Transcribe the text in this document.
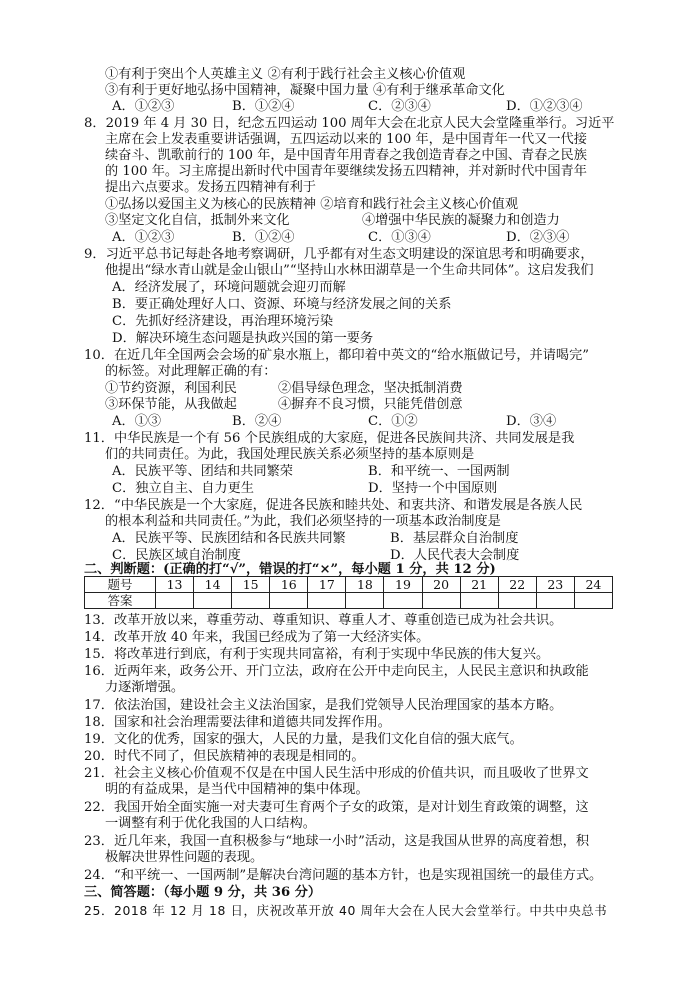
①有利于突出个人英雄主义 ②有利于践行社会主义核心价值观
③有利于更好地弘扬中国精神，凝聚中国力量 ④有利于继承革命文化
A．①②③	B．①②④	C．②③④	D．①②③④
8．2019 年 4 月 30 日，纪念五四运动 100 周年大会在北京人民大会堂隆重举行。习近平
主席在会上发表重要讲话强调，五四运动以来的 100 年，是中国青年一代又一代接
续奋斗、凯歌前行的 100 年，是中国青年用青春之我创造青春之中国、青春之民族
的 100 年。习主席提出新时代中国青年要继续发扬五四精神，并对新时代中国青年
提出六点要求。发扬五四精神有利于
①弘扬以爱国主义为核心的民族精神 ②培育和践行社会主义核心价值观
③坚定文化自信，抵制外来文化	④增强中华民族的凝聚力和创造力
A．①②③	B．①②④	C．①③④	D．②③④
9．习近平总书记每赴各地考察调研，几乎都有对生态文明建设的深谊思考和明确要求，
他提出“绿水青山就是金山银山”“坚持山水林田湖草是一个生命共同体”。这启发我们
A．经济发展了，环境问题就会迎刃而解
B．要正确处理好人口、资源、环境与经济发展之间的关系
C．先抓好经济建设，再治理环境污染
D．解决环境生态问题是执政兴国的第一要务
10．在近几年全国两会会场的矿泉水瓶上，都印着中英文的“给水瓶做记号，并请喝完”
的标签。对此理解正确的有：
①节约资源，利国利民	②倡导绿色理念，坚决抵制消费
③环保节能，从我做起	④摒弃不良习惯，只能凭借创意
A．①③	B．②④	C．①②	D．③④
11．中华民族是一个有 56 个民族组成的大家庭，促进各民族间共济、共同发展是我
们的共同责任。为此，我国处理民族关系必须坚持的基本原则是
A．民族平等、团结和共同繁荣	B．和平统一、一国两制
C．独立自主、自力更生	D．坚持一个中国原则
12．“中华民族是一个大家庭，促进各民族和睦共处、和衷共济、和谐发展是各族人民
的根本利益和共同责任。”为此，我们必须坚持的一项基本政治制度是
A．民族平等、民族团结和各民族共同繁	B．基层群众自治制度
C．民族区域自治制度	D．人民代表大会制度
二、判断题：(正确的打“√”，错误的打“×”，每小题 1 分，共 12 分)
题号	13	14	15	16	17	18	19	20	21	22	23	24
答案												
13．改革开放以来，尊重劳动、尊重知识、尊重人才、尊重创造已成为社会共识。
14．改革开放 40 年来，我国已经成为了第一大经济实体。
15．将改革进行到底，有利于实现共同富裕，有利于实现中华民族的伟大复兴。
16．近两年来，政务公开、开门立法，政府在公开中走向民主，人民民主意识和执政能
力逐渐增强。
17．依法治国，建设社会主义法治国家，是我们党领导人民治理国家的基本方略。
18．国家和社会治理需要法律和道德共同发挥作用。
19．文化的优秀，国家的强大，人民的力量，是我们文化自信的强大底气。
20．时代不同了，但民族精神的表现是相同的。
21．社会主义核心价值观不仅是在中国人民生活中形成的价值共识，而且吸收了世界文
明的有益成果，是当代中国精神的集中体现。
22．我国开始全面实施一对夫妻可生育两个子女的政策，是对计划生育政策的调整，这
一调整有利于优化我国的人口结构。
23．近几年来，我国一直积极参与“地球一小时”活动，这是我国从世界的高度着想，积
极解决世界性问题的表现。
24．“和平统一、一国两制”是解决台湾问题的基本方针，也是实现祖国统一的最佳方式。
三、简答题：（每小题 9 分，共 36 分）
25．2018 年 12 月 18 日，庆祝改革开放 40 周年大会在人民大会堂举行。中共中央总书
